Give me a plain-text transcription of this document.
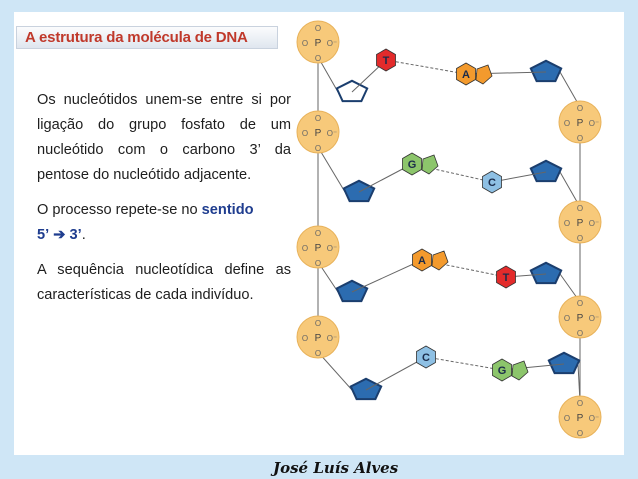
A estrutura da molécula de DNA

Os nucleótidos unem-se entre si por ligação do grupo fosfato de um nucleótido com o carbono 3’ da pentose do nucleótido adjacente.

O processo repete-se no sentido
5’ ➔ 3’.

A sequência nucleotídica define as características de cada indivíduo.

P
O O⁻
O
O
P
O O⁻
O
O
P
O O⁻
O
O
P
O O⁻
O
O
P
O O⁻
O
O
P
O O⁻
O
O
P
O O⁻
O
O
P
O O⁻
O
O
T
A
G
C
A
T
C
G
José Luís Alves
